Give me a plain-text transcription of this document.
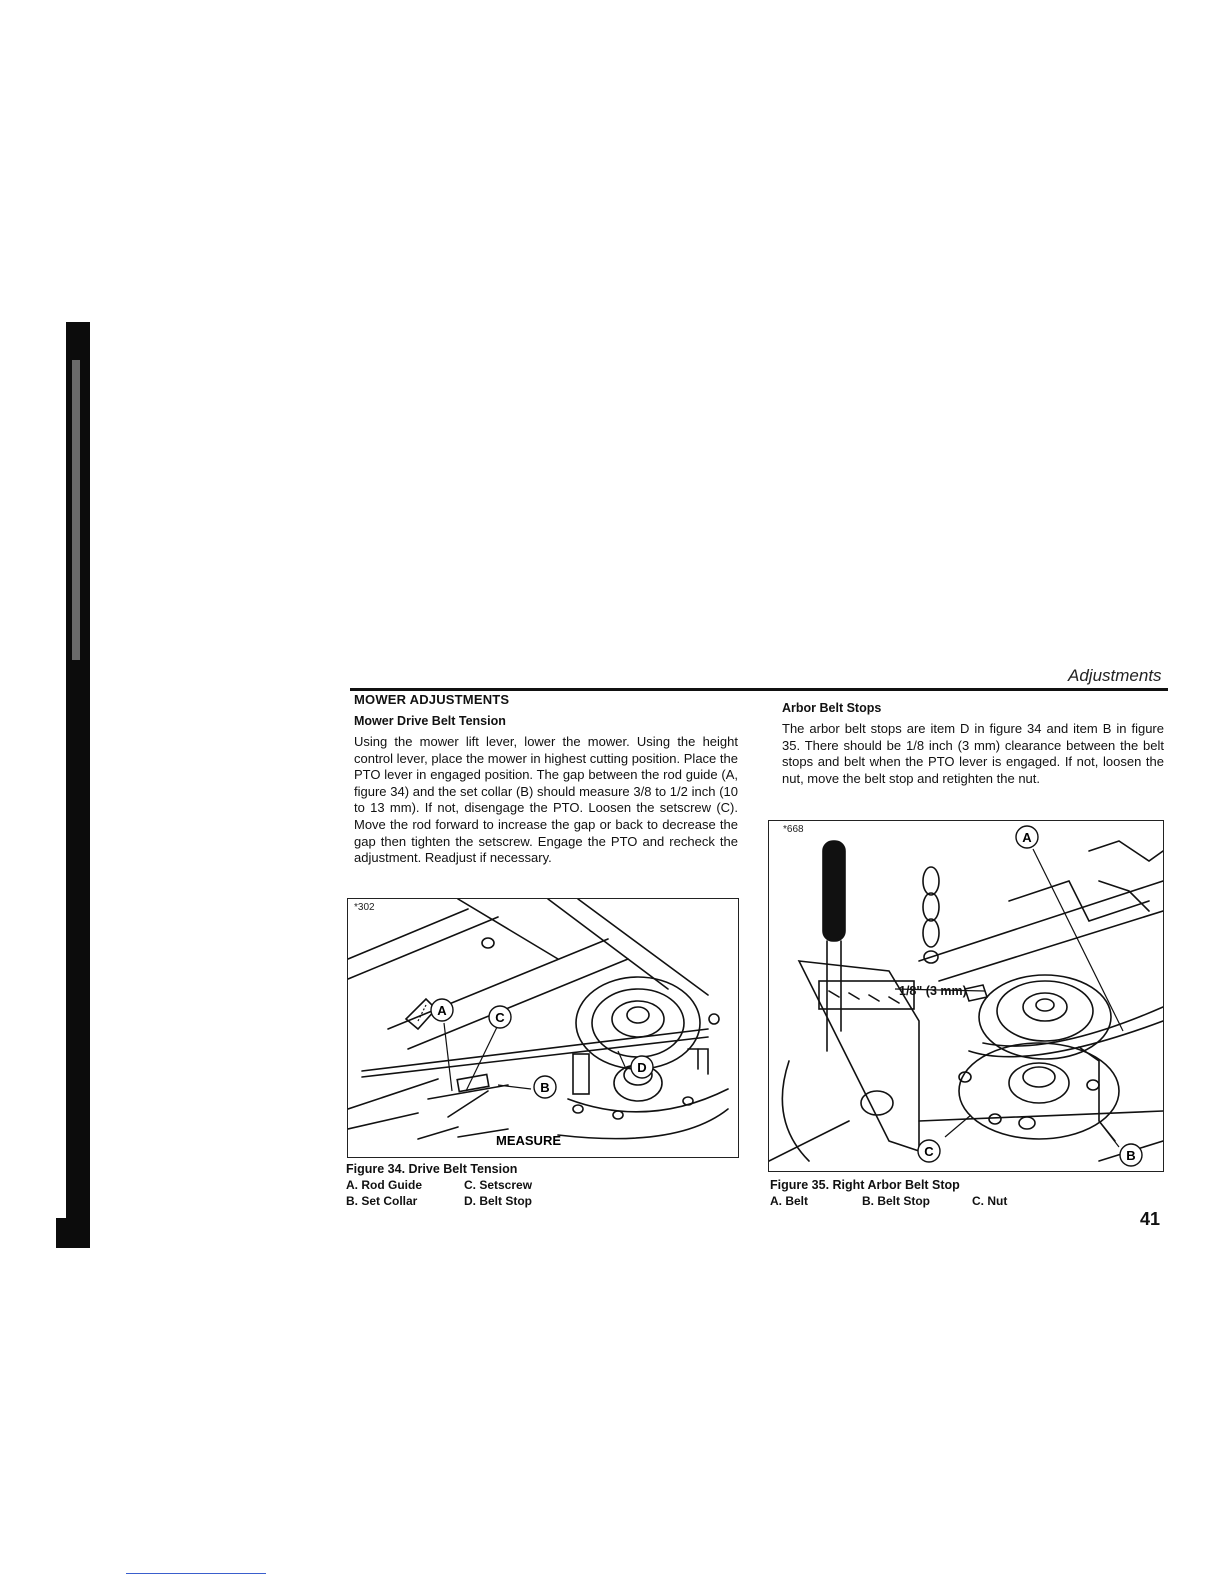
Adjustments
MOWER ADJUSTMENTS
Mower Drive Belt Tension

Using the mower lift lever, lower the mower. Using the height control lever, place the mower in highest cutting position. Place the PTO lever in engaged position. The gap between the rod guide (A, figure 34) and the set collar (B) should measure 3/8 to 1/2 inch (10 to 13 mm). If not, disengage the PTO. Loosen the setscrew (C). Move the rod forward to increase the gap or back to decrease the gap then tighten the setscrew. Engage the PTO and recheck the adjustment. Readjust if necessary.

Arbor Belt Stops

The arbor belt stops are item D in figure 34 and item B in figure 35. There should be 1/8 inch (3 mm) clearance between the belt stops and belt when the PTO lever is engaged. If not, loosen the nut, move the belt stop and retighten the nut.

A	C
B
D
MEASURE
*302
Figure 34. Drive Belt Tension
A. Rod Guide	C. Setscrew
B. Set Collar	D. Belt Stop
A
C	B
1/8" (3 mm)
*668
Figure 35. Right Arbor Belt Stop
A. Belt	B. Belt Stop	C. Nut
41
